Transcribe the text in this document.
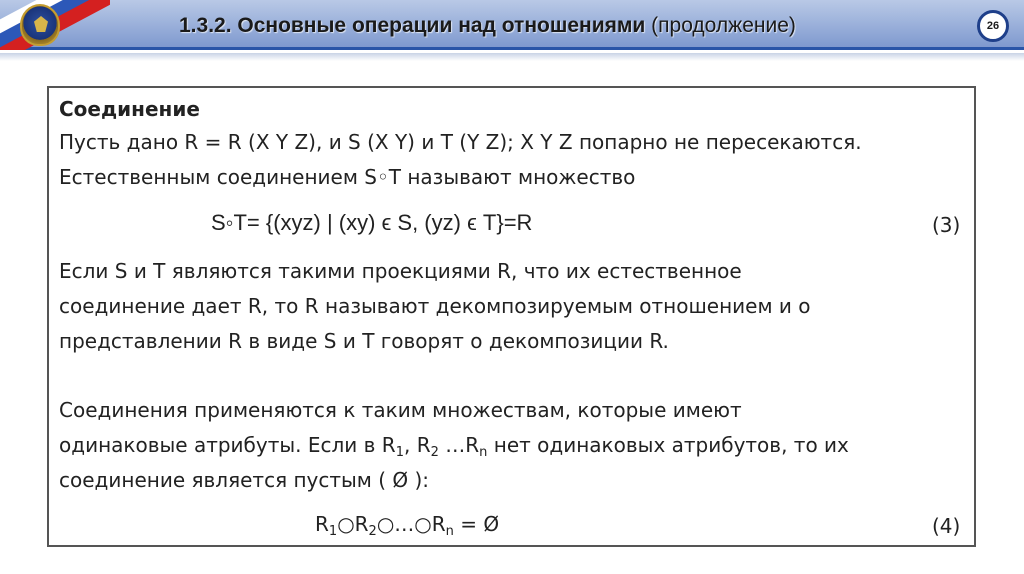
1.3.2. Основные операции над отношениями (продолжение)	26
Соединение
Пусть дано R = R (X Y Z), и S (X Y) и T (Y Z); X Y Z попарно не пересекаются.
Естественным соединением S◦T называют множество
S◦T= {(xyz) | (xy) ϵ S, (yz) ϵ T}=R	(3)
Если S и T являются такими проекциями R, что их естественное
соединение дает R, то R называют декомпозируемым отношением и о
представлении R в виде S и T говорят о декомпозиции R.
Соединения применяются к таким множествам, которые имеют
одинаковые атрибуты. Если в $R_1$, $R_2$ $\dots R_n$ нет одинаковых атрибутов, то их
соединение является пустым ( Ø ):
$R_1○R_2○\dots○R_n$ = Ø	(4)
